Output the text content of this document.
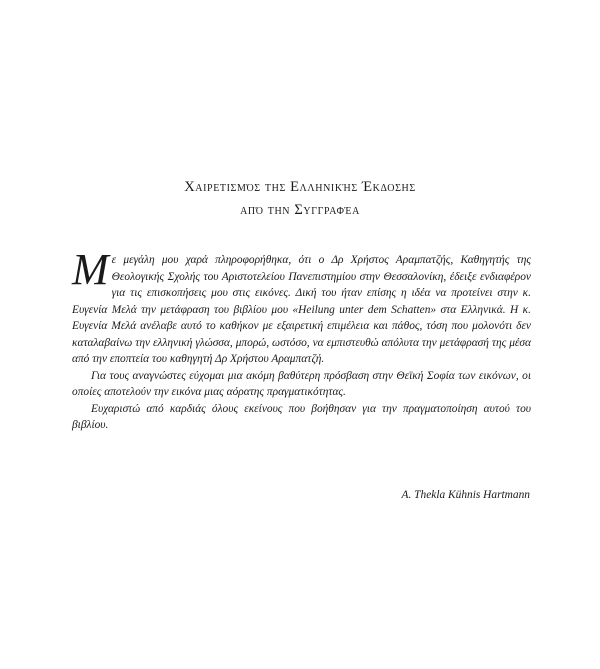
Χαιρετισμός της Ελληνικής Έκδοσης
από την Συγγραφέα

Με μεγάλη μου χαρά πληροφορήθηκα, ότι ο Δρ Χρήστος Αραμπατζής, Καθηγητής της Θεολογικής Σχολής του Αριστοτελείου Πανεπιστημίου στην Θεσσαλονίκη, έδειξε ενδιαφέρον για τις επισκοπήσεις μου στις εικόνες. Δική του ήταν επίσης η ιδέα να προτείνει στην κ. Ευγενία Μελά την μετάφραση του βιβλίου μου «Heilung unter dem Schatten» στα Ελληνικά. Η κ. Ευγενία Μελά ανέλαβε αυτό το καθήκον με εξαιρετική επιμέλεια και πάθος, τόση που μολονότι δεν καταλαβαίνω την ελληνική γλώσσα, μπορώ, ωστόσο, να εμπιστευθώ απόλυτα την μετάφρασή της μέσα από την εποπτεία του καθηγητή Δρ Χρήστου Αραμπατζή.

Για τους αναγνώστες εύχομαι μια ακόμη βαθύτερη πρόσβαση στην Θεϊκή Σοφία των εικόνων, οι οποίες αποτελούν την εικόνα μιας αόρατης πραγματικότητας.

Ευχαριστώ από καρδιάς όλους εκείνους που βοήθησαν για την πραγματοποίηση αυτού του βιβλίου.

A. Thekla Kühnis Hartmann
